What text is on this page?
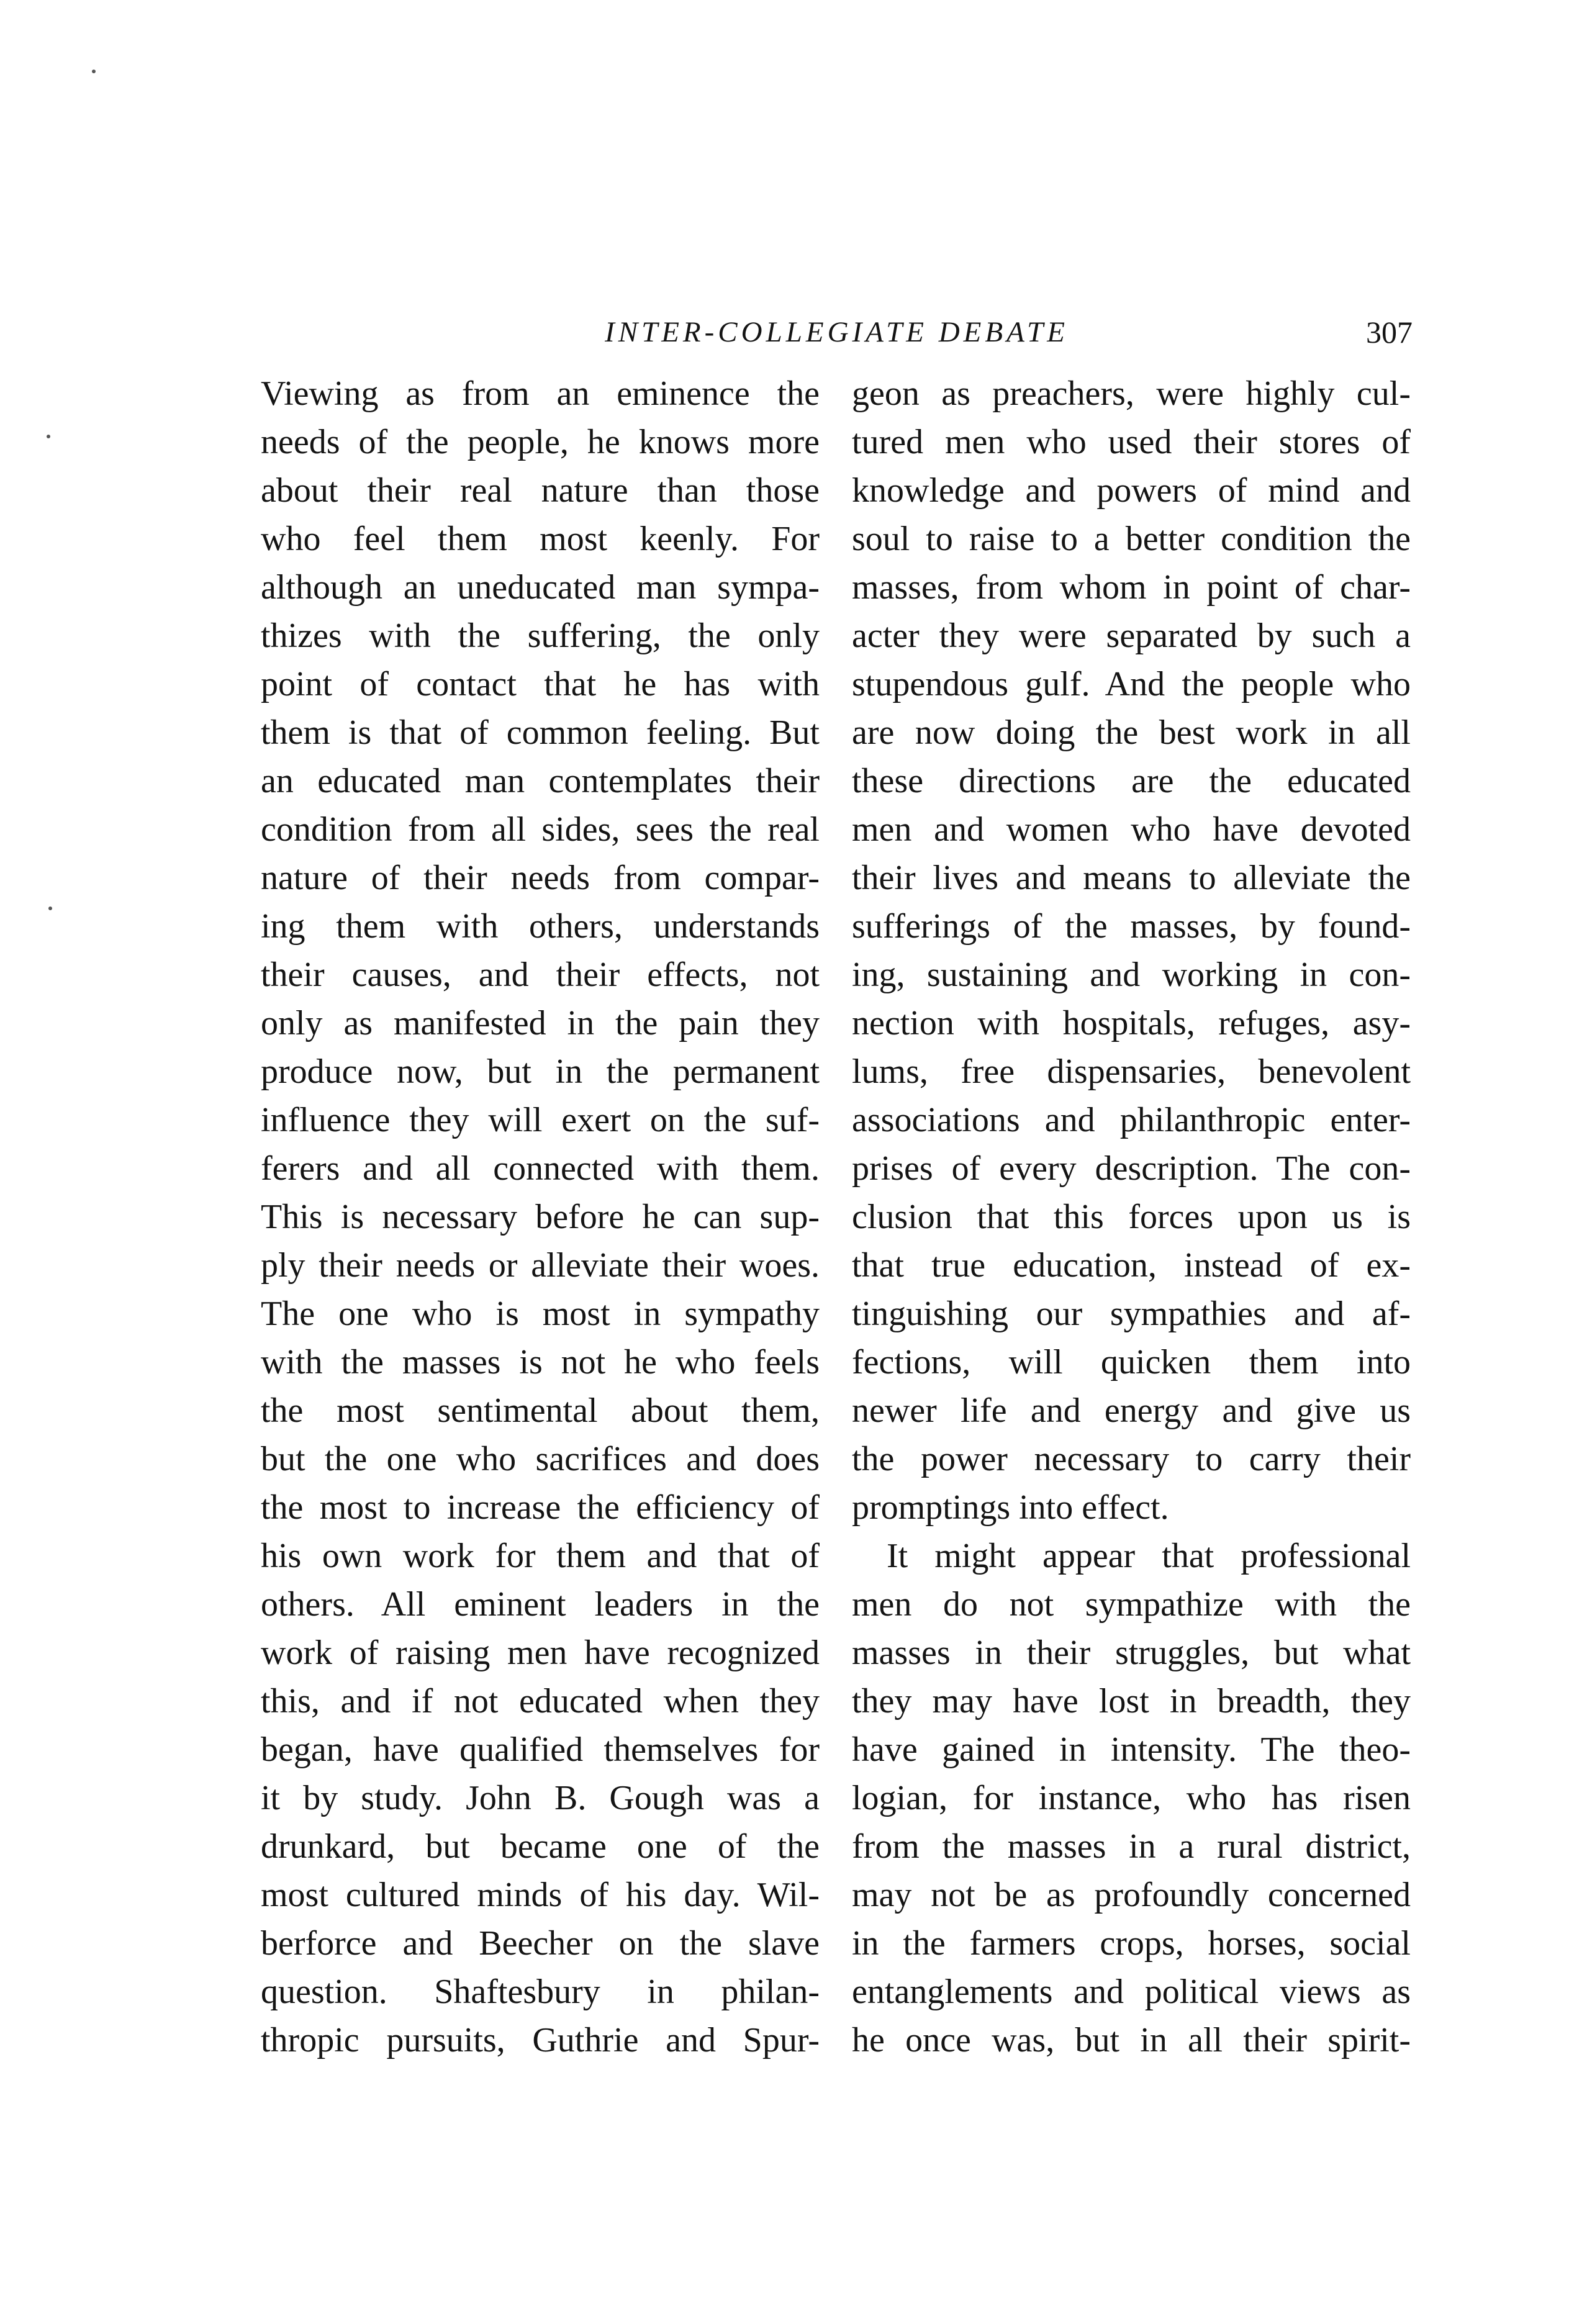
INTER-COLLEGIATE DEBATE	307
Viewing as from an eminence the
needs of the people, he knows more
about their real nature than those
who feel them most keenly. For
although an uneducated man sympa-
thizes with the suffering, the only
point of contact that he has with
them is that of common feeling. But
an educated man contemplates their
condition from all sides, sees the real
nature of their needs from compar-
ing them with others, understands
their causes, and their effects, not
only as manifested in the pain they
produce now, but in the permanent
influence they will exert on the suf-
ferers and all connected with them.
This is necessary before he can sup-
ply their needs or alleviate their woes.
The one who is most in sympathy
with the masses is not he who feels
the most sentimental about them,
but the one who sacrifices and does
the most to increase the efficiency of
his own work for them and that of
others. All eminent leaders in the
work of raising men have recognized
this, and if not educated when they
began, have qualified themselves for
it by study. John B. Gough was a
drunkard, but became one of the
most cultured minds of his day. Wil-
berforce and Beecher on the slave
question. Shaftesbury in philan-
thropic pursuits, Guthrie and Spur-
geon as preachers, were highly cul-
tured men who used their stores of
knowledge and powers of mind and
soul to raise to a better condition the
masses, from whom in point of char-
acter they were separated by such a
stupendous gulf. And the people who
are now doing the best work in all
these directions are the educated
men and women who have devoted
their lives and means to alleviate the
sufferings of the masses, by found-
ing, sustaining and working in con-
nection with hospitals, refuges, asy-
lums, free dispensaries, benevolent
associations and philanthropic enter-
prises of every description. The con-
clusion that this forces upon us is
that true education, instead of ex-
tinguishing our sympathies and af-
fections, will quicken them into
newer life and energy and give us
the power necessary to carry their
promptings into effect.
It might appear that professional
men do not sympathize with the
masses in their struggles, but what
they may have lost in breadth, they
have gained in intensity. The theo-
logian, for instance, who has risen
from the masses in a rural district,
may not be as profoundly concerned
in the farmers crops, horses, social
entanglements and political views as
he once was, but in all their spirit-
